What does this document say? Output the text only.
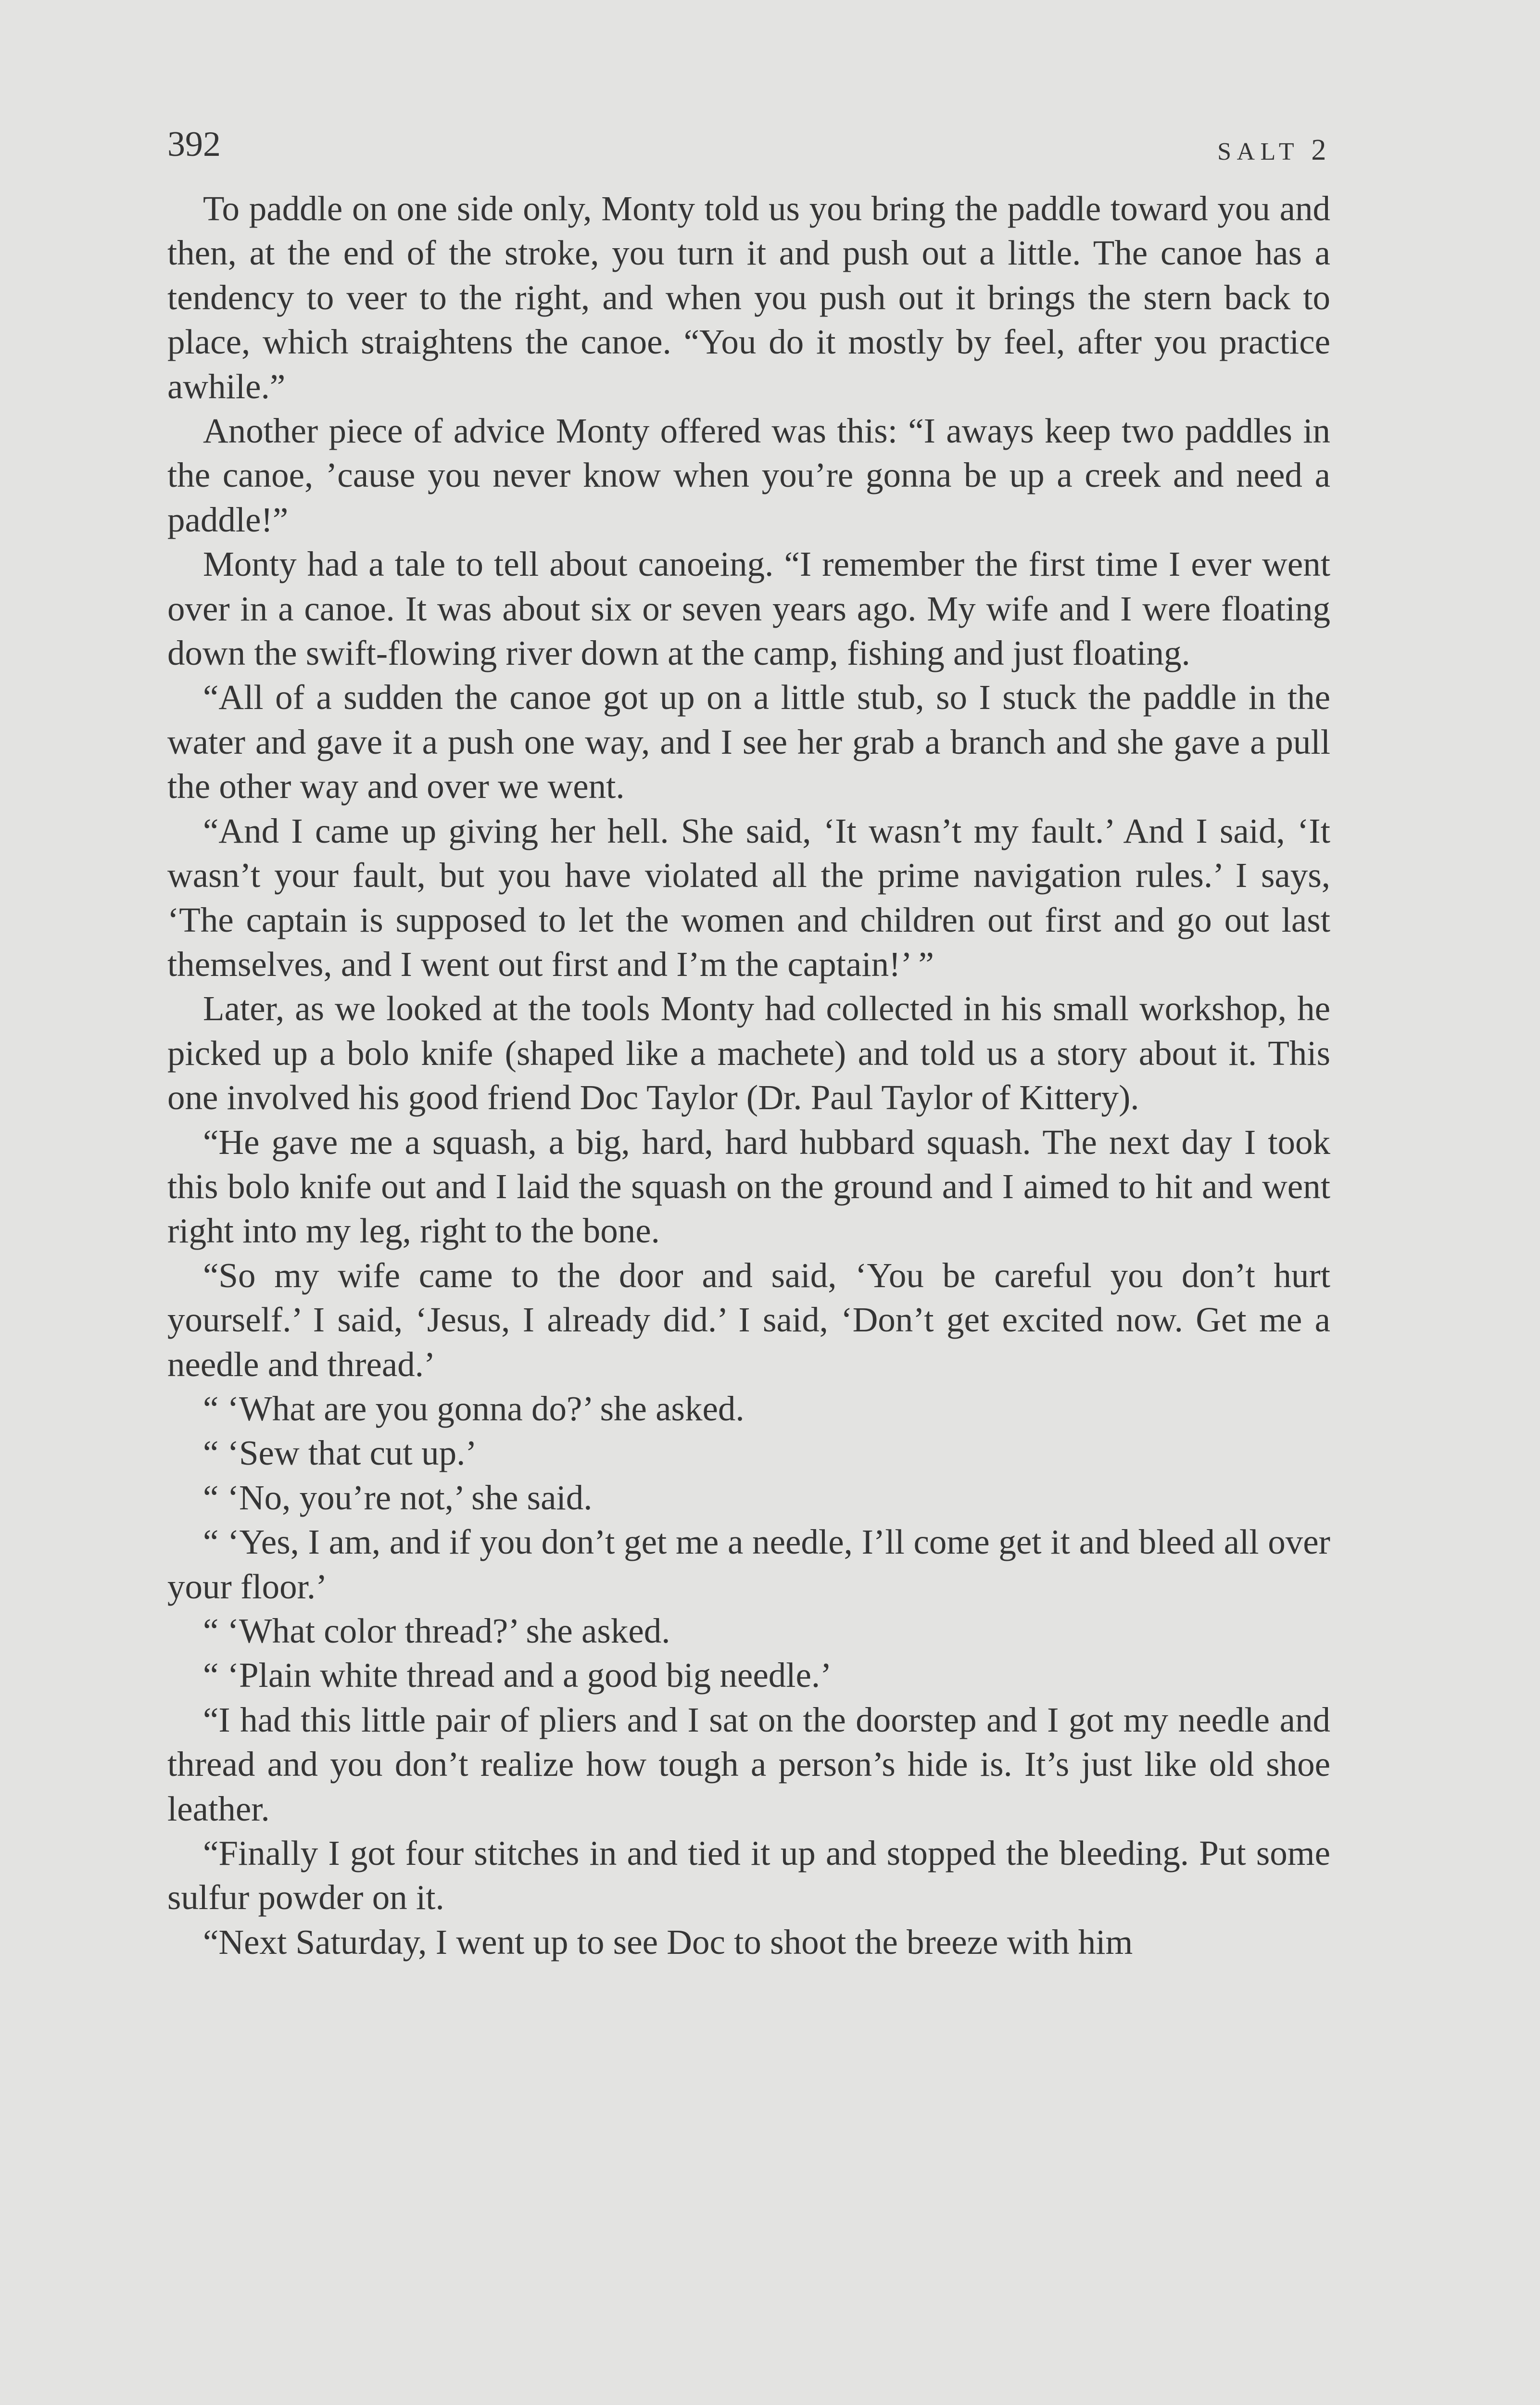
392	SALT 2

To paddle on one side only, Monty told us you bring the paddle toward you and then, at the end of the stroke, you turn it and push out a little. The canoe has a tendency to veer to the right, and when you push out it brings the stern back to place, which straightens the canoe. “You do it mostly by feel, after you practice awhile.”

Another piece of advice Monty offered was this: “I aways keep two paddles in the canoe, ’cause you never know when you’re gonna be up a creek and need a paddle!”

Monty had a tale to tell about canoeing. “I remember the first time I ever went over in a canoe. It was about six or seven years ago. My wife and I were floating down the swift-flowing river down at the camp, fishing and just floating.

“All of a sudden the canoe got up on a little stub, so I stuck the paddle in the water and gave it a push one way, and I see her grab a branch and she gave a pull the other way and over we went.

“And I came up giving her hell. She said, ‘It wasn’t my fault.’ And I said, ‘It wasn’t your fault, but you have violated all the prime navigation rules.’ I says, ‘The captain is supposed to let the women and children out first and go out last themselves, and I went out first and I’m the captain!’ ”

Later, as we looked at the tools Monty had collected in his small workshop, he picked up a bolo knife (shaped like a machete) and told us a story about it. This one involved his good friend Doc Taylor (Dr. Paul Taylor of Kittery).

“He gave me a squash, a big, hard, hard hubbard squash. The next day I took this bolo knife out and I laid the squash on the ground and I aimed to hit and went right into my leg, right to the bone.

“So my wife came to the door and said, ‘You be careful you don’t hurt yourself.’ I said, ‘Jesus, I already did.’ I said, ‘Don’t get excited now. Get me a needle and thread.’

“ ‘What are you gonna do?’ she asked.

“ ‘Sew that cut up.’

“ ‘No, you’re not,’ she said.

“ ‘Yes, I am, and if you don’t get me a needle, I’ll come get it and bleed all over your floor.’

“ ‘What color thread?’ she asked.

“ ‘Plain white thread and a good big needle.’

“I had this little pair of pliers and I sat on the doorstep and I got my needle and thread and you don’t realize how tough a person’s hide is. It’s just like old shoe leather.

“Finally I got four stitches in and tied it up and stopped the bleeding. Put some sulfur powder on it.

“Next Saturday, I went up to see Doc to shoot the breeze with him
